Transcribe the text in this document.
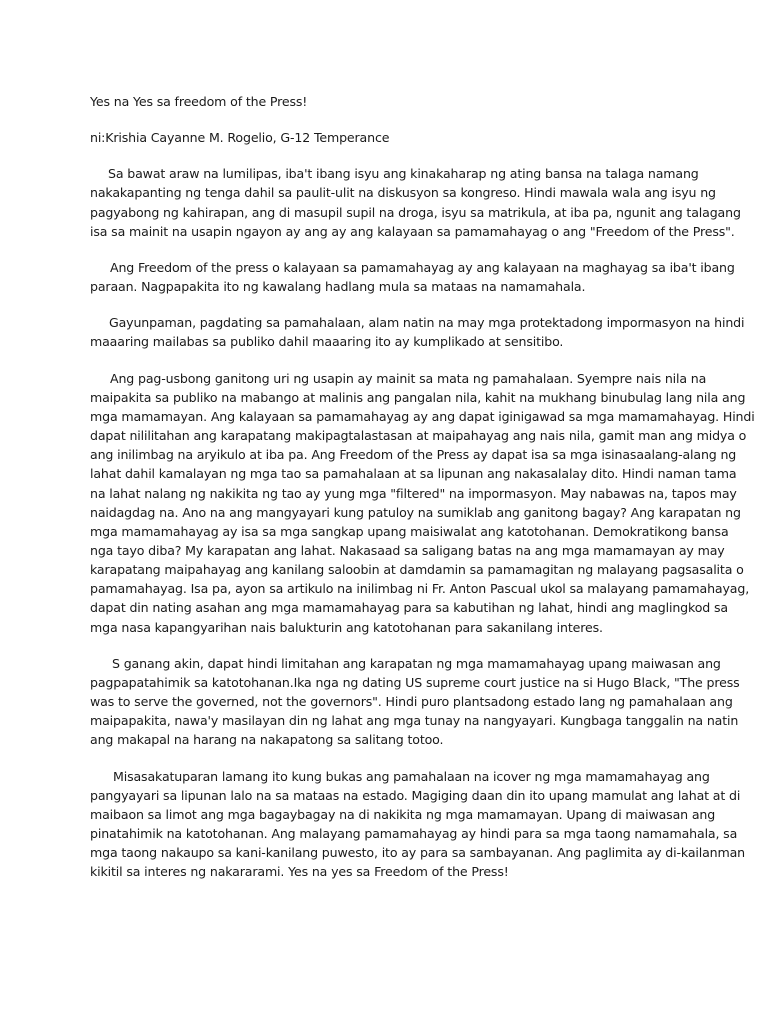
Yes na Yes sa freedom of the Press!

ni:Krishia Cayanne M. Rogelio, G-12 Temperance

Sa bawat araw na lumilipas, iba't ibang isyu ang kinakaharap ng ating bansa na talaga namang
nakakapanting ng tenga dahil sa paulit-ulit na diskusyon sa kongreso. Hindi mawala wala ang isyu ng
pagyabong ng kahirapan, ang di masupil supil na droga, isyu sa matrikula, at iba pa, ngunit ang talagang
isa sa mainit na usapin ngayon ay ang ay ang kalayaan sa pamamahayag o ang "Freedom of the Press".

Ang Freedom of the press o kalayaan sa pamamahayag ay ang kalayaan na maghayag sa iba't ibang
paraan. Nagpapakita ito ng kawalang hadlang mula sa mataas na namamahala.

Gayunpaman, pagdating sa pamahalaan, alam natin na may mga protektadong impormasyon na hindi
maaaring mailabas sa publiko dahil maaaring ito ay kumplikado at sensitibo.

Ang pag-usbong ganitong uri ng usapin ay mainit sa mata ng pamahalaan. Syempre nais nila na
maipakita sa publiko na mabango at malinis ang pangalan nila, kahit na mukhang binubulag lang nila ang
mga mamamayan. Ang kalayaan sa pamamahayag ay ang dapat iginigawad sa mga mamamahayag. Hindi
dapat nililitahan ang karapatang makipagtalastasan at maipahayag ang nais nila, gamit man ang midya o
ang inilimbag na aryikulo at iba pa. Ang Freedom of the Press ay dapat isa sa mga isinasaalang-alang ng
lahat dahil kamalayan ng mga tao sa pamahalaan at sa lipunan ang nakasalalay dito. Hindi naman tama
na lahat nalang ng nakikita ng tao ay yung mga "filtered" na impormasyon. May nabawas na, tapos may
naidagdag na. Ano na ang mangyayari kung patuloy na sumiklab ang ganitong bagay? Ang karapatan ng
mga mamamahayag ay isa sa mga sangkap upang maisiwalat ang katotohanan. Demokratikong bansa
nga tayo diba? My karapatan ang lahat. Nakasaad sa saligang batas na ang mga mamamayan ay may
karapatang maipahayag ang kanilang saloobin at damdamin sa pamamagitan ng malayang pagsasalita o
pamamahayag. Isa pa, ayon sa artikulo na inilimbag ni Fr. Anton Pascual ukol sa malayang pamamahayag,
dapat din nating asahan ang mga mamamahayag para sa kabutihan ng lahat, hindi ang maglingkod sa
mga nasa kapangyarihan nais balukturin ang katotohanan para sakanilang interes.

S ganang akin, dapat hindi limitahan ang karapatan ng mga mamamahayag upang maiwasan ang
pagpapatahimik sa katotohanan.Ika nga ng dating US supreme court justice na si Hugo Black, "The press
was to serve the governed, not the governors". Hindi puro plantsadong estado lang ng pamahalaan ang
maipapakita, nawa'y masilayan din ng lahat ang mga tunay na nangyayari. Kungbaga tanggalin na natin
ang makapal na harang na nakapatong sa salitang totoo.

Misasakatuparan lamang ito kung bukas ang pamahalaan na icover ng mga mamamahayag ang
pangyayari sa lipunan lalo na sa mataas na estado. Magiging daan din ito upang mamulat ang lahat at di
maibaon sa limot ang mga bagaybagay na di nakikita ng mga mamamayan. Upang di maiwasan ang
pinatahimik na katotohanan. Ang malayang pamamahayag ay hindi para sa mga taong namamahala, sa
mga taong nakaupo sa kani-kanilang puwesto, ito ay para sa sambayanan. Ang paglimita ay di-kailanman
kikitil sa interes ng nakararami. Yes na yes sa Freedom of the Press!
